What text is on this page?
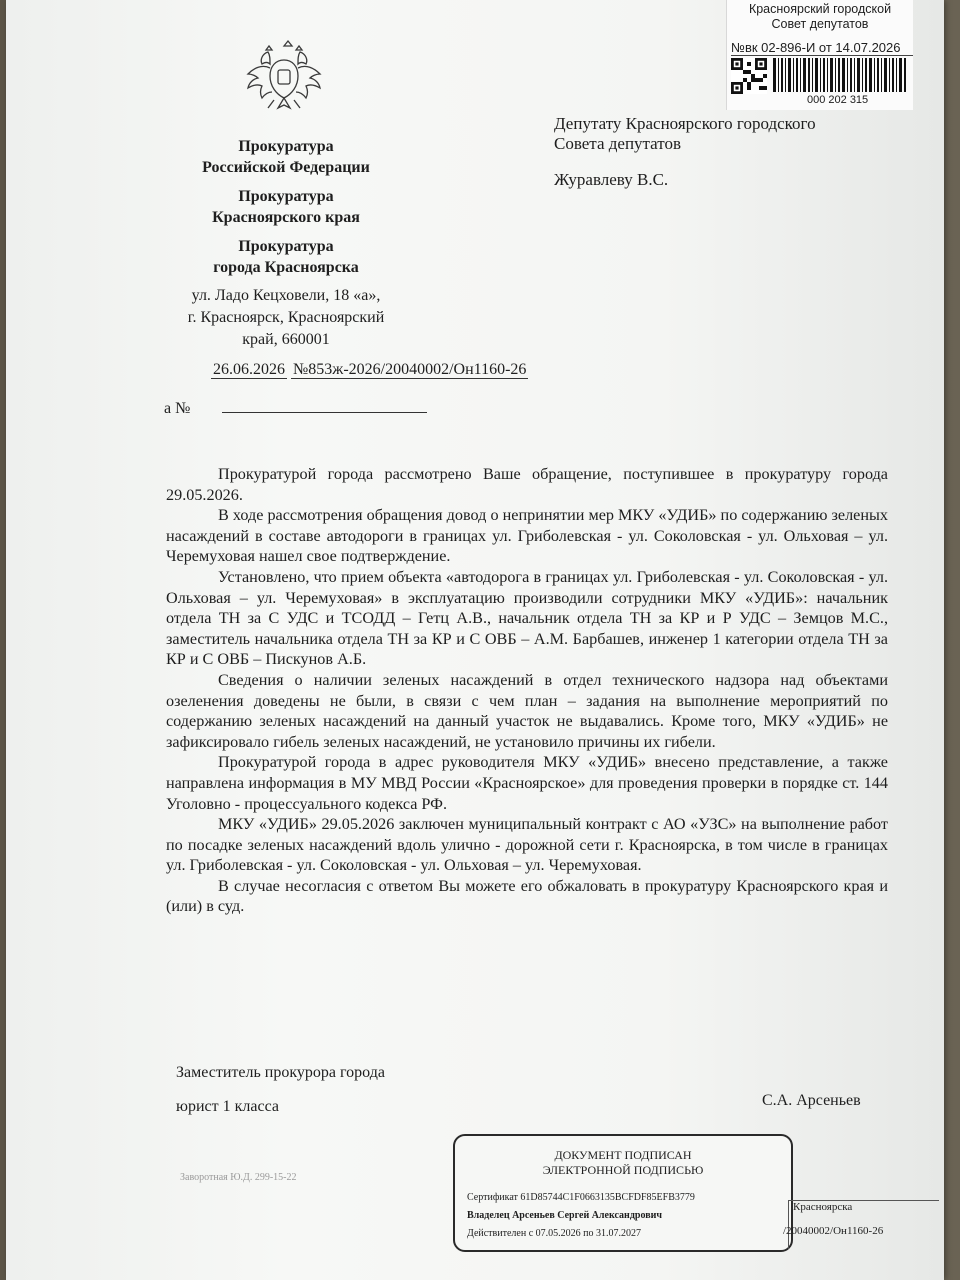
Красноярский городской
Совет депутатов
№вк 02-896-И от 14.07.2026
000 202 315
Прокуратура
Российской Федерации
Прокуратура
Красноярского края
Прокуратура
города Красноярска
ул. Ладо Кецховели, 18 «а»,
г. Красноярск, Красноярский
край, 660001
26.06.2026 №853ж-2026/20040002/Он1160-26
а №
Депутату Красноярского городского
Совета депутатов
Журавлеву В.С.

Прокуратурой города рассмотрено Ваше обращение, поступившее в прокуратуру города 29.05.2026.

В ходе рассмотрения обращения довод о непринятии мер МКУ «УДИБ» по содержанию зеленых насаждений в составе автодороги в границах ул. Гриболевская - ул. Соколовская - ул. Ольховая – ул. Черемуховая нашел свое подтверждение.

Установлено, что прием объекта «автодорога в границах ул. Гриболевская - ул. Соколовская - ул. Ольховая – ул. Черемуховая» в эксплуатацию производили сотрудники МКУ «УДИБ»: начальник отдела ТН за С УДС и ТСОДД – Гетц А.В., начальник отдела ТН за КР и Р УДС – Земцов М.С., заместитель начальника отдела ТН за КР и С ОВБ – А.М. Барбашев, инженер 1 категории отдела ТН за КР и С ОВБ – Пискунов А.Б.

Сведения о наличии зеленых насаждений в отдел технического надзора над объектами озеленения доведены не были, в связи с чем план – задания на выполнение мероприятий по содержанию зеленых насаждений на данный участок не выдавались. Кроме того, МКУ «УДИБ» не зафиксировало гибель зеленых насаждений, не установило причины их гибели.

Прокуратурой города в адрес руководителя МКУ «УДИБ» внесено представление, а также направлена информация в МУ МВД России «Красноярское» для проведения проверки в порядке ст. 144 Уголовно - процессуального кодекса РФ.

МКУ «УДИБ» 29.05.2026 заключен муниципальный контракт с АО «УЗС» на выполнение работ по посадке зеленых насаждений вдоль улично - дорожной сети г. Красноярска, в том числе в границах ул. Гриболевская - ул. Соколовская - ул. Ольховая – ул. Черемуховая.

В случае несогласия с ответом Вы можете его обжаловать в прокуратуру Красноярского края и (или) в суд.

Заместитель прокурора города
юрист 1 класса	С.А. Арсеньев
Заворотная Ю.Д. 299-15-22
ДОКУМЕНТ ПОДПИСАН
ЭЛЕКТРОННОЙ ПОДПИСЬЮ
Сертификат 61D85744C1F0663135BCFDF85EFB3779
Владелец Арсеньев Сергей Александрович
Действителен с 07.05.2026 по 31.07.2027
Красноярска
/20040002/Он1160-26
